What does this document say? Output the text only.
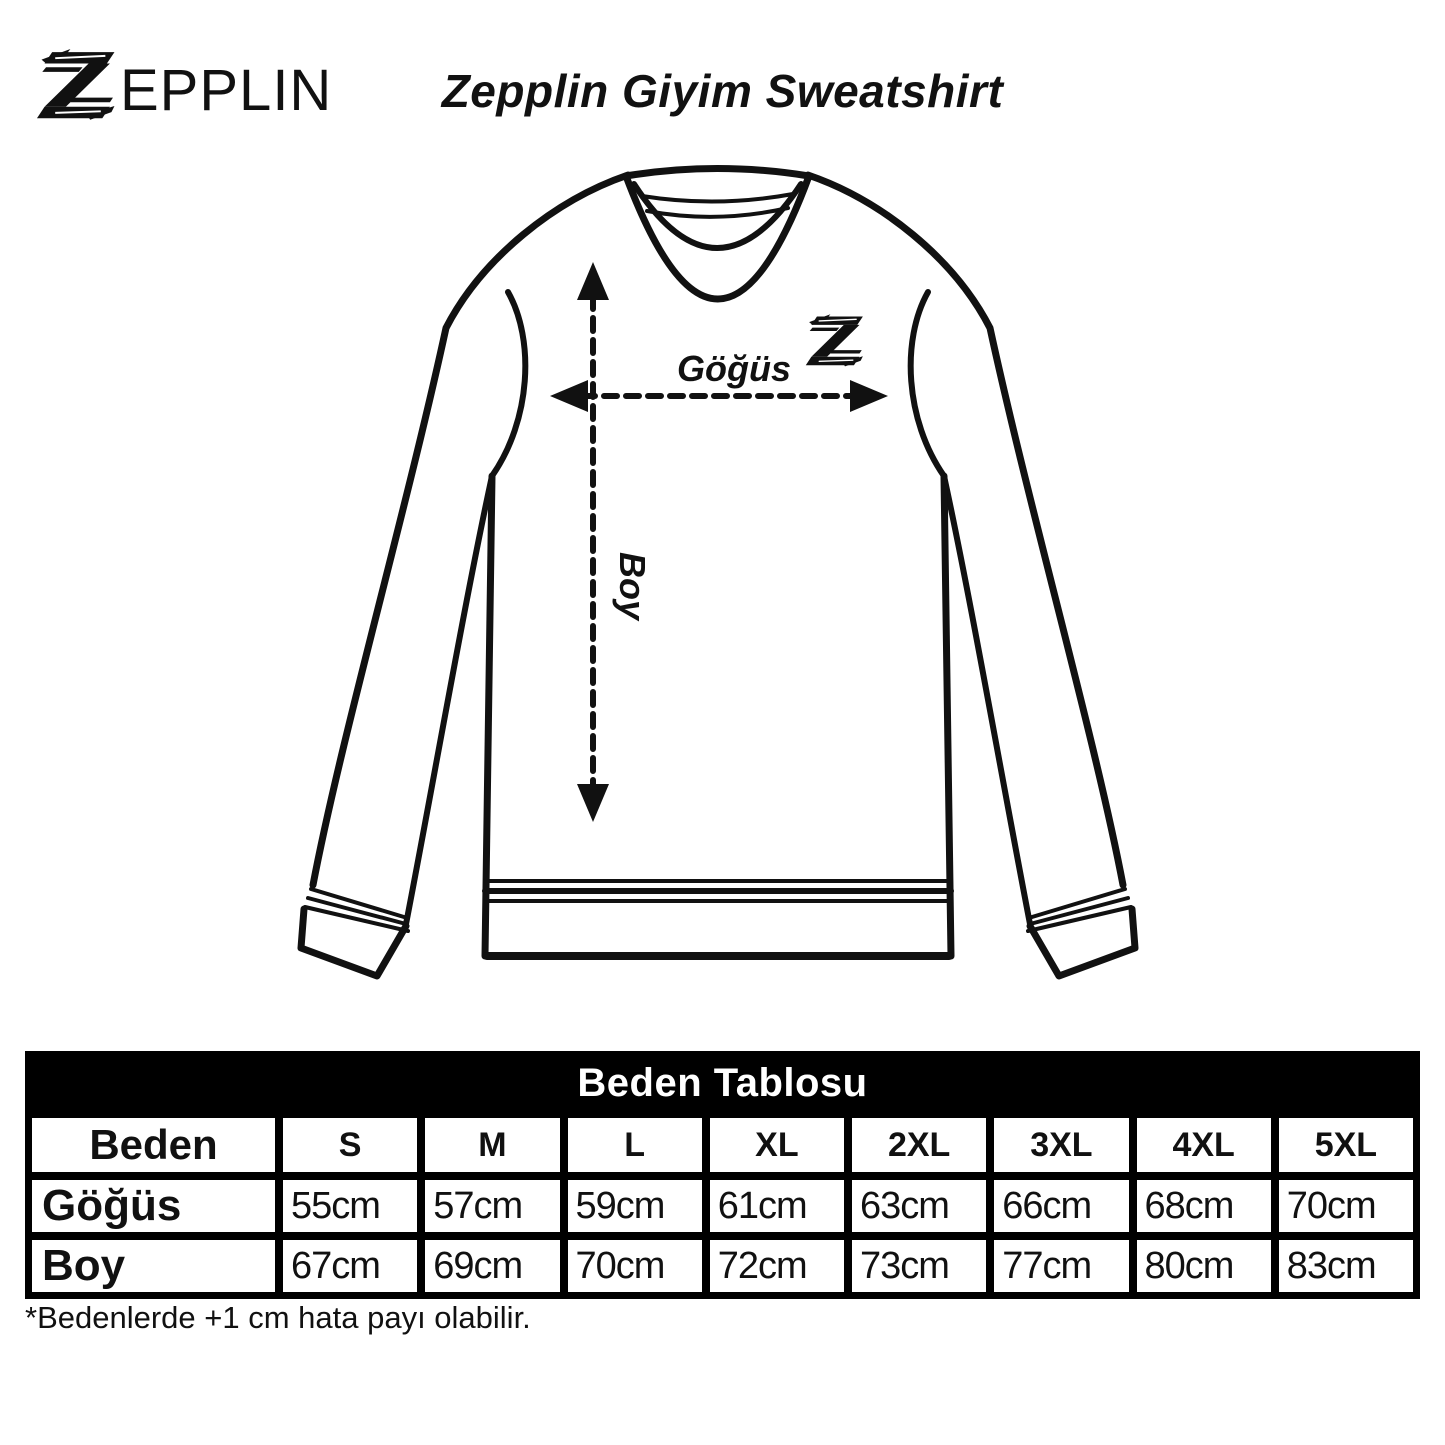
Göğüs
Boy
EPPLIN	Zepplin Giyim Sweatshirt
Beden Tablosu
Beden	S	M	L	XL	2XL	3XL	4XL	5XL
Göğüs	55cm	57cm	59cm	61cm	63cm	66cm	68cm	70cm
Boy	67cm	69cm	70cm	72cm	73cm	77cm	80cm	83cm
*Bedenlerde +1 cm hata payı olabilir.
